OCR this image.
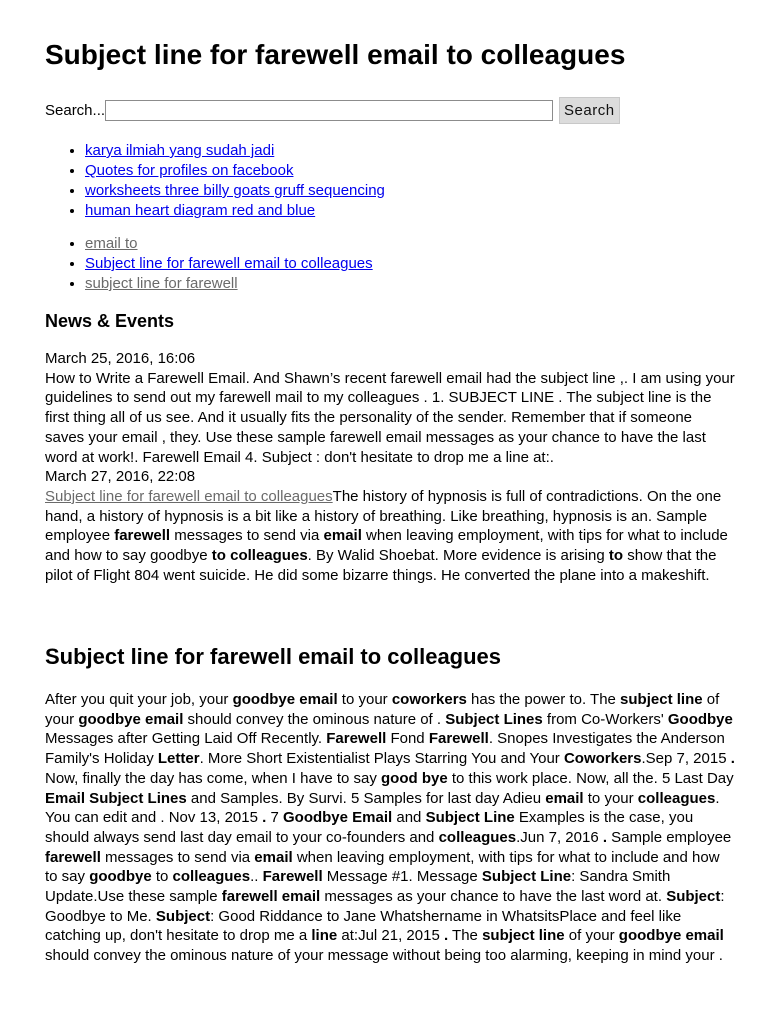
Subject line for farewell email to colleagues
Search...	Search
• karya ilmiah yang sudah jadi
• Quotes for profiles on facebook
• worksheets three billy goats gruff sequencing
• human heart diagram red and blue
• email to
• Subject line for farewell email to colleagues
• subject line for farewell
News & Events

March 25, 2016, 16:06

How to Write a Farewell Email. And Shawn’s recent farewell email had the subject line ,. I am using your guidelines to send out my farewell mail to my colleagues . 1. SUBJECT LINE . The subject line is the first thing all of us see. And it usually fits the personality of the sender. Remember that if someone saves your email , they. Use these sample farewell email messages as your chance to have the last word at work!. Farewell Email 4. Subject : don't hesitate to drop me a line at:.

March 27, 2016, 22:08

Subject line for farewell email to colleaguesThe history of hypnosis is full of contradictions. On the one hand, a history of hypnosis is a bit like a history of breathing. Like breathing, hypnosis is an. Sample employee farewell messages to send via email when leaving employment, with tips for what to include and how to say goodbye to colleagues. By Walid Shoebat. More evidence is arising to show that the pilot of Flight 804 went suicide. He did some bizarre things. He converted the plane into a makeshift.

Subject line for farewell email to colleagues

After you quit your job, your goodbye email to your coworkers has the power to. The subject line of your goodbye email should convey the ominous nature of . Subject Lines from Co-Workers' Goodbye Messages after Getting Laid Off Recently. Farewell Fond Farewell. Snopes Investigates the Anderson Family's Holiday Letter. More Short Existentialist Plays Starring You and Your Coworkers.Sep 7, 2015 . Now, finally the day has come, when I have to say good bye to this work place. Now, all the. 5 Last Day Email Subject Lines and Samples. By Survi. 5 Samples for last day Adieu email to your colleagues. You can edit and . Nov 13, 2015 . 7 Goodbye Email and Subject Line Examples is the case, you should always send last day email to your co-founders and colleagues.Jun 7, 2016 . Sample employee farewell messages to send via email when leaving employment, with tips for what to include and how to say goodbye to colleagues.. Farewell Message #1. Message Subject Line: Sandra Smith Update.Use these sample farewell email messages as your chance to have the last word at. Subject: Goodbye to Me. Subject: Good Riddance to Jane Whatshername in WhatsitsPlace and feel like catching up, don't hesitate to drop me a line at:Jul 21, 2015 . The subject line of your goodbye email should convey the ominous nature of your message without being too alarming, keeping in mind your .
